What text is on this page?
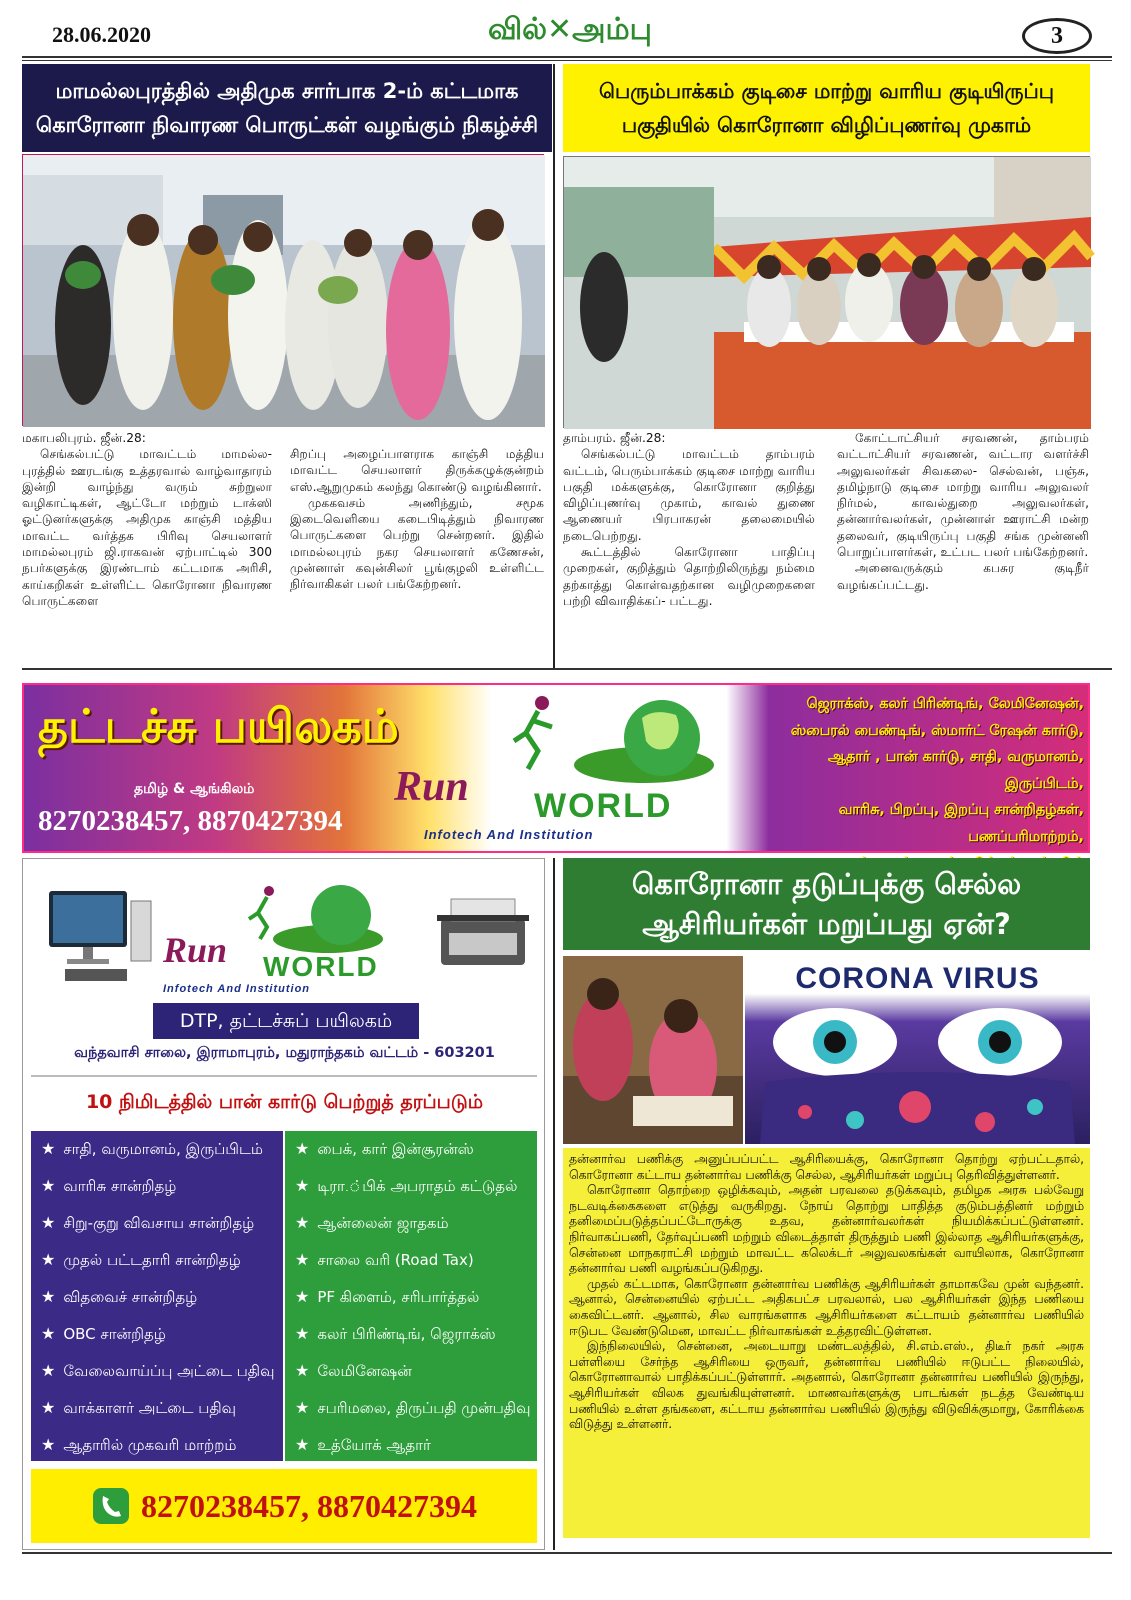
28.06.2020	வில்✕அம்பு	3
மாமல்லபுரத்தில் அதிமுக சார்பாக 2-ம் கட்டமாக
கொரோனா நிவாரண பொருட்கள் வழங்கும் நிகழ்ச்சி

மகாபலிபுரம். ஜீன்.28:

செங்கல்பட்டு மாவட்டம் மாமல்ல- புரத்தில் ஊரடங்கு உத்தரவால் வாழ்வாதாரம் இன்றி வாழ்ந்து வரும் சுற்றுலா வழிகாட்டிகள், ஆட்டோ மற்றும் டாக்ஸி ஓட்டுனர்களுக்கு அதிமுக காஞ்சி மத்திய மாவட்ட வர்த்தக பிரிவு செயலாளர் மாமல்லபுரம் ஜி.ராகவன் ஏற்பாட்டில் 300 நபர்களுக்கு இரண்டாம் கட்டமாக அரிசி, காய்கறிகள் உள்ளிட்ட கொரோனா நிவாரண பொருட்களை

சிறப்பு அழைப்பாளராக காஞ்சி மத்திய மாவட்ட செயலாளர் திருக்கழுக்குன்றம் எஸ்.ஆறுமுகம் கலந்து கொண்டு வழங்கினார்.

முககவசம் அணிந்தும், சமூக இடைவெளியை கடைபிடித்தும் நிவாரண பொருட்களை பெற்று சென்றனர். இதில் மாமல்லபுரம் நகர செயலாளர் கணேசன், முன்னாள் கவுன்சிலர் பூங்குழலி உள்ளிட்ட நிர்வாகிகள் பலர் பங்கேற்றனர்.

பெரும்பாக்கம் குடிசை மாற்று வாரிய குடியிருப்பு
பகுதியில் கொரோனா விழிப்புணர்வு முகாம்

தாம்பரம். ஜீன்.28:

செங்கல்பட்டு மாவட்டம் தாம்பரம் வட்டம், பெரும்பாக்கம் குடிசை மாற்று வாரிய பகுதி மக்களுக்கு, கொரோனா குறித்து விழிப்புணர்வு முகாம், காவல் துணை ஆணையர் பிரபாகரன் தலைமையில் நடைபெற்றது.

கூட்டத்தில் கொரோனா பாதிப்பு முறைகள், குறித்தும் தொற்றிலிருந்து நம்மை தற்காத்து கொள்வதற்கான வழிமுறைகளை பற்றி விவாதிக்கப்- பட்டது.

கோட்டாட்சியர் சரவணன், தாம்பரம் வட்டாட்சியர் சரவணன், வட்டார வளர்ச்சி அலுவலர்கள் சிவகலை- செல்வன், பஞ்சு, தமிழ்நாடு குடிசை மாற்று வாரிய அலுவலர் நிர்மல், காவல்துறை அலுவலர்கள், தன்னார்வலர்கள், முன்னாள் ஊராட்சி மன்ற தலைவர், குடியிருப்பு பகுதி சங்க முன்னனி பொறுப்பாளர்கள், உட்பட பலர் பங்கேற்றனர்.

அனைவருக்கும் கபசுர குடிநீர் வழங்கப்பட்டது.

தட்டச்சு பயிலகம்
தமிழ் & ஆங்கிலம்
8270238457, 8870427394
Run WORLD
Infotech And Institution
ஜெராக்ஸ், கலர் பிரிண்டிங், லேமினேஷன்,
ஸ்பைரல் பைண்டிங், ஸ்மார்ட் ரேஷன் கார்டு,
ஆதார் , பான் கார்டு, சாதி, வருமானம், இருப்பிடம்,
வாரிசு, பிறப்பு, இறப்பு சான்றிதழ்கள், பணப்பரிமாற்றம்,
Run WORLD
Infotech And Institution
DTP, தட்டச்சுப் பயிலகம்
வந்தவாசி சாலை, இராமாபுரம், மதுராந்தகம் வட்டம் - 603201
10 நிமிடத்தில் பான் கார்டு பெற்றுத் தரப்படும்
★ சாதி, வருமானம், இருப்பிடம்
★ வாரிசு சான்றிதழ்
★ சிறு-குறு விவசாய சான்றிதழ்
★ முதல் பட்டதாரி சான்றிதழ்
★ விதவைச் சான்றிதழ்
★ OBC சான்றிதழ்
★ வேலைவாய்ப்பு அட்டை பதிவு
★ வாக்காளர் அட்டை பதிவு
★ ஆதாரில் முகவரி மாற்றம்
★ பைக், கார் இன்சூரன்ஸ்
★ டிரா.்பிக் அபராதம் கட்டுதல்
★ ஆன்லைன் ஜாதகம்
★ சாலை வரி (Road Tax)
★ PF கிளைம், சரிபார்த்தல்
★ கலர் பிரிண்டிங், ஜெராக்ஸ்
★ லேமினேஷன்
★ சபரிமலை, திருப்பதி முன்பதிவு
★ உத்யோக் ஆதார்
8270238457, 8870427394
கொரோனா தடுப்புக்கு செல்ல
ஆசிரியர்கள் மறுப்பது ஏன்?
CORONA VIRUS

தன்னார்வ பணிக்கு அனுப்பப்பட்ட ஆசிரியைக்கு, கொரோனா தொற்று ஏற்பட்டதால், கொரோனா கட்டாய தன்னார்வ பணிக்கு செல்ல, ஆசிரியர்கள் மறுப்பு தெரிவித்துள்ளனர்.

கொரோனா தொற்றை ஒழிக்கவும், அதன் பரவலை தடுக்கவும், தமிழக அரசு பல்வேறு நடவடிக்கைகளை எடுத்து வருகிறது. நோய் தொற்று பாதித்த குடும்பத்தினர் மற்றும் தனிமைப்படுத்தப்பட்டோருக்கு உதவ, தன்னார்வலர்கள் நியமிக்கப்பட்டுள்ளனர். நிர்வாகப்பணி, தேர்வுப்பணி மற்றும் விடைத்தாள் திருத்தும் பணி இல்லாத ஆசிரியர்களுக்கு, சென்னை மாநகராட்சி மற்றும் மாவட்ட கலெக்டர் அலுவலகங்கள் வாயிலாக, கொரோனா தன்னார்வ பணி வழங்கப்படுகிறது.

முதல் கட்டமாக, கொரோனா தன்னார்வ பணிக்கு ஆசிரியர்கள் தாமாகவே முன் வந்தனர். ஆனால், சென்னையில் ஏற்பட்ட அதிகபட்ச பரவலால், பல ஆசிரியர்கள் இந்த பணியை கைவிட்டனர். ஆனால், சில வாரங்களாக ஆசிரியர்களை கட்டாயம் தன்னார்வ பணியில் ஈடுபட வேண்டுமென, மாவட்ட நிர்வாகங்கள் உத்தரவிட்டுள்ளன.

இந்நிலையில், சென்னை, அடையாறு மண்டலத்தில், சி.எம்.எஸ்., திடீர் நகர் அரசு பள்ளியை சேர்ந்த ஆசிரியை ஒருவர், தன்னார்வ பணியில் ஈடுபட்ட நிலையில், கொரோனாவால் பாதிக்கப்பட்டுள்ளார். அதனால், கொரோனா தன்னார்வ பணியில் இருந்து, ஆசிரியர்கள் விலக துவங்கியுள்ளனர். மாணவர்களுக்கு பாடங்கள் நடத்த வேண்டிய பணியில் உள்ள தங்களை, கட்டாய தன்னார்வ பணியில் இருந்து விடுவிக்குமாறு, கோரிக்கை விடுத்து உள்ளனர்.
